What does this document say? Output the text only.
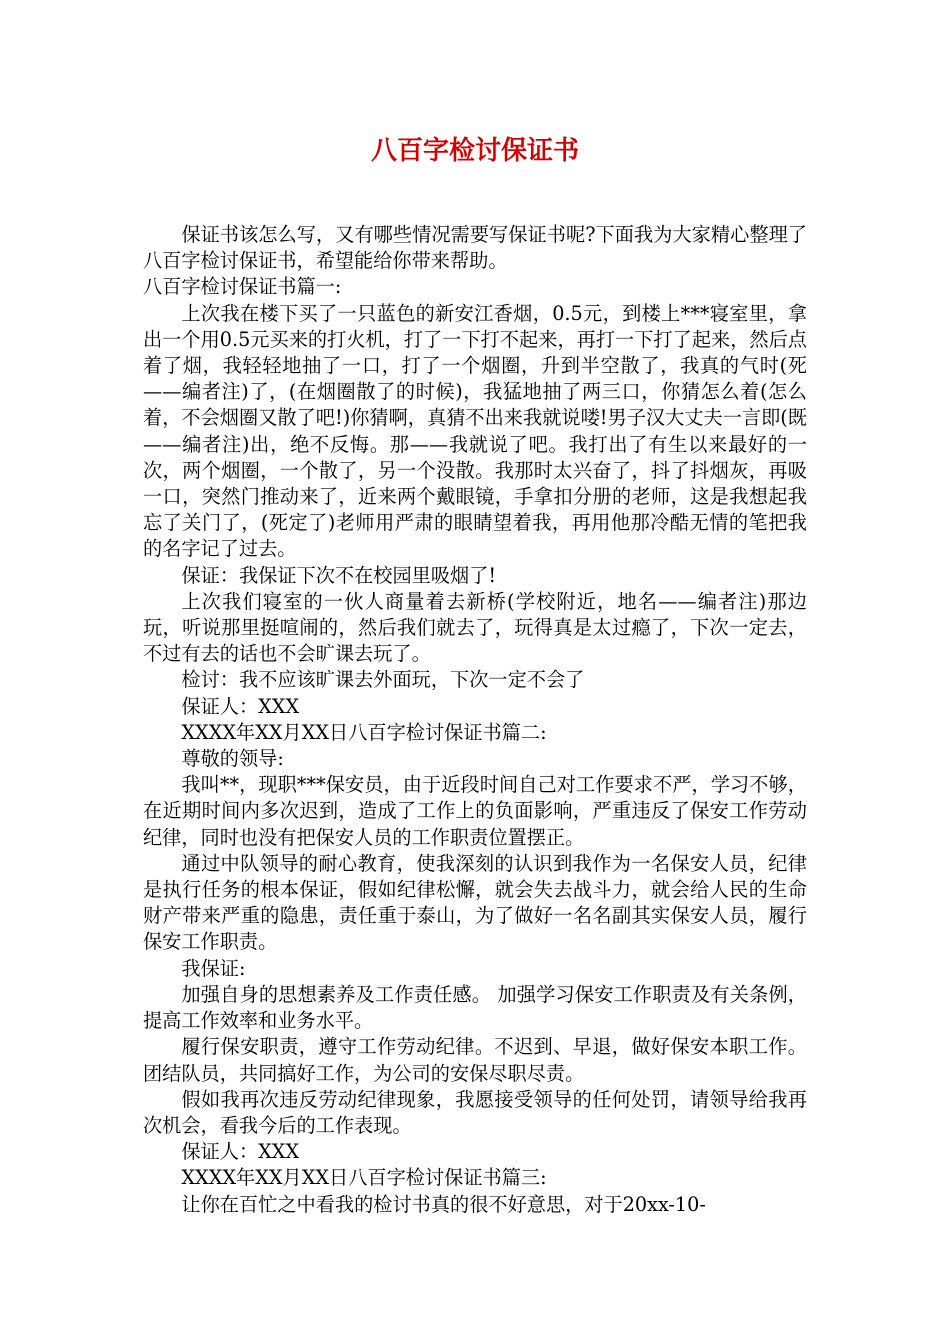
八百字检讨保证书

保证书该怎么写，又有哪些情况需要写保证书呢?下面我为大家精心整理了八百字检讨保证书，希望能给你带来帮助。

八百字检讨保证书篇一:

上次我在楼下买了一只蓝色的新安江香烟，0.5元，到楼上***寝室里，拿出一个用0.5元买来的打火机，打了一下打不起来，再打一下打了起来，然后点着了烟，我轻轻地抽了一口，打了一个烟圈，升到半空散了，我真的气时(死——编者注)了，(在烟圈散了的时候)，我猛地抽了两三口，你猜怎么着(怎么着，不会烟圈又散了吧!)你猜啊，真猜不出来我就说喽!男子汉大丈夫一言即(既——编者注)出，绝不反悔。那——我就说了吧。我打出了有生以来最好的一次，两个烟圈，一个散了，另一个没散。我那时太兴奋了，抖了抖烟灰，再吸一口，突然门推动来了，近来两个戴眼镜，手拿扣分册的老师，这是我想起我忘了关门了，(死定了)老师用严肃的眼睛望着我，再用他那冷酷无情的笔把我的名字记了过去。

保证：我保证下次不在校园里吸烟了!

上次我们寝室的一伙人商量着去新桥(学校附近，地名——编者注)那边玩，听说那里挺喧闹的，然后我们就去了，玩得真是太过瘾了，下次一定去，不过有去的话也不会旷课去玩了。

检讨：我不应该旷课去外面玩，下次一定不会了

保证人：XXX

XXXX年XX月XX日八百字检讨保证书篇二:

尊敬的领导:

我叫**，现职***保安员，由于近段时间自己对工作要求不严，学习不够，在近期时间内多次迟到，造成了工作上的负面影响，严重违反了保安工作劳动纪律，同时也没有把保安人员的工作职责位置摆正。

通过中队领导的耐心教育，使我深刻的认识到我作为一名保安人员，纪律是执行任务的根本保证，假如纪律松懈，就会失去战斗力，就会给人民的生命财产带来严重的隐患，责任重于泰山，为了做好一名名副其实保安人员，履行保安工作职责。

我保证:

加强自身的思想素养及工作责任感。 加强学习保安工作职责及有关条例，提高工作效率和业务水平。

履行保安职责，遵守工作劳动纪律。不迟到、早退，做好保安本职工作。团结队员，共同搞好工作，为公司的安保尽职尽责。

假如我再次违反劳动纪律现象，我愿接受领导的任何处罚，请领导给我再次机会，看我今后的工作表现。

保证人：XXX

XXXX年XX月XX日八百字检讨保证书篇三:

让你在百忙之中看我的检讨书真的很不好意思，对于20xx-10-
